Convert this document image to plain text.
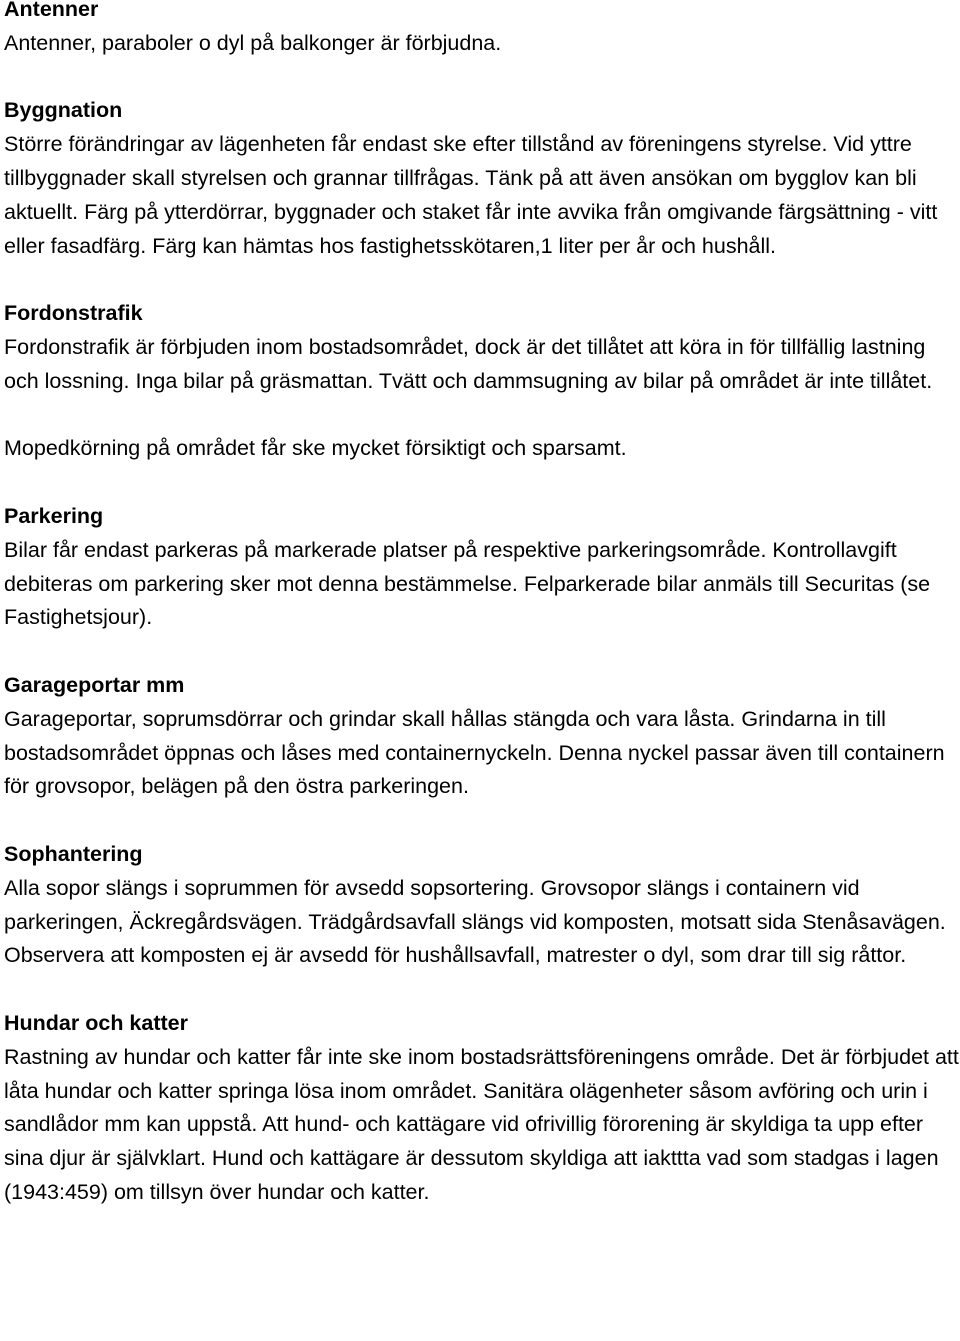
Antenner

Antenner, paraboler o dyl på balkonger är förbjudna.

Byggnation

Större förändringar av lägenheten får endast ske efter tillstånd av föreningens styrelse. Vid yttre tillbyggnader skall styrelsen och grannar tillfrågas. Tänk på att även ansökan om bygglov kan bli aktuellt. Färg på ytterdörrar, byggnader och staket får inte avvika från omgivande färgsättning - vitt eller fasadfärg. Färg kan hämtas hos fastighetsskötaren,1 liter per år och hushåll.

Fordonstrafik

Fordonstrafik är förbjuden inom bostadsområdet, dock är det tillåtet att köra in för tillfällig lastning och lossning. Inga bilar på gräsmattan. Tvätt och dammsugning av bilar på området är inte tillåtet.

Mopedkörning på området får ske mycket försiktigt och sparsamt.

Parkering

Bilar får endast parkeras på markerade platser på respektive parkeringsområde. Kontrollavgift debiteras om parkering sker mot denna bestämmelse. Felparkerade bilar anmäls till Securitas (se Fastighetsjour).

Garageportar mm

Garageportar, soprumsdörrar och grindar skall hållas stängda och vara låsta. Grindarna in till bostadsområdet öppnas och låses med containernyckeln. Denna nyckel passar även till containern för grovsopor, belägen på den östra parkeringen.

Sophantering

Alla sopor slängs i soprummen för avsedd sopsortering. Grovsopor slängs i containern vid parkeringen, Äckregårdsvägen. Trädgårdsavfall slängs vid komposten, motsatt sida Stenåsavägen. Observera att komposten ej är avsedd för hushållsavfall, matrester o dyl, som drar till sig råttor.

Hundar och katter

Rastning av hundar och katter får inte ske inom bostadsrättsföreningens område. Det är förbjudet att låta hundar och katter springa lösa inom området. Sanitära olägenheter såsom avföring och urin i sandlådor mm kan uppstå. Att hund- och kattägare vid ofrivillig förorening är skyldiga ta upp efter sina djur är självklart. Hund och kattägare är dessutom skyldiga att iakttta vad som stadgas i lagen (1943:459) om tillsyn över hundar och katter.
